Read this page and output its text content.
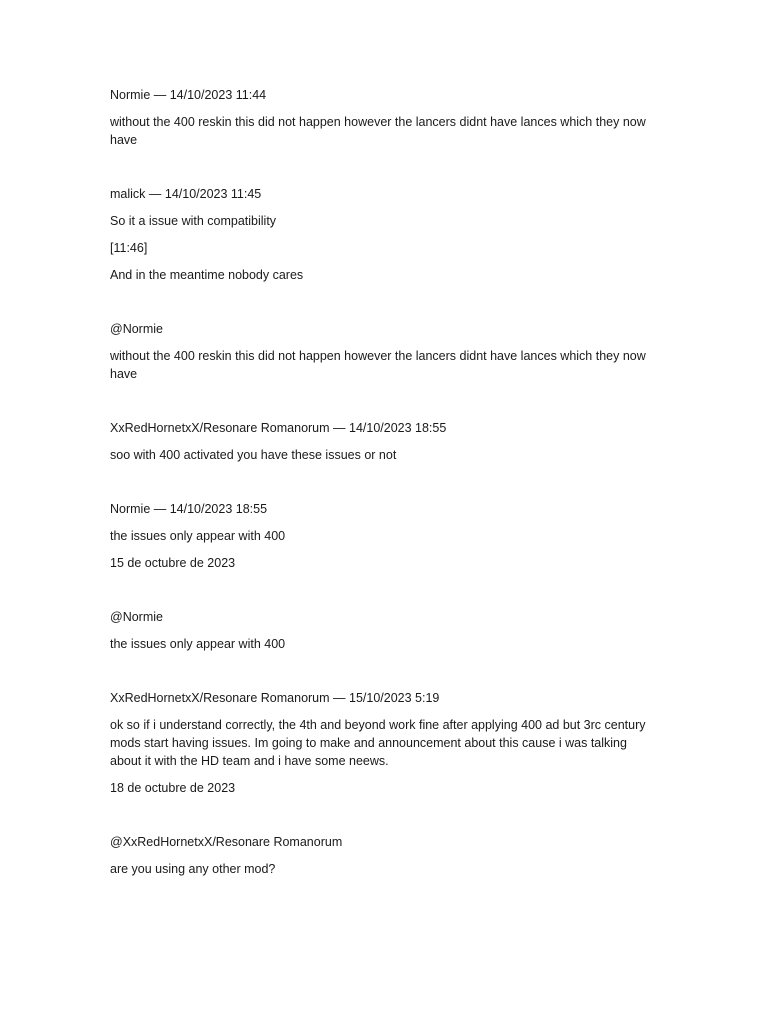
Normie — 14/10/2023 11:44

without the 400 reskin this did not happen however the lancers didnt have lances which they now have

malick — 14/10/2023 11:45

So it a issue with compatibility

[11:46]

And in the meantime nobody cares

@Normie

without the 400 reskin this did not happen however the lancers didnt have lances which they now have

XxRedHornetxX/Resonare Romanorum — 14/10/2023 18:55

soo with 400 activated you have these issues or not

Normie — 14/10/2023 18:55

the issues only appear with 400

15 de octubre de 2023

@Normie

the issues only appear with 400

XxRedHornetxX/Resonare Romanorum — 15/10/2023 5:19

ok so if i understand correctly, the 4th and beyond work fine after applying 400 ad but 3rc century mods start having issues. Im going to make and announcement about this cause i was talking about it with the HD team and i have some neews.

18 de octubre de 2023

@XxRedHornetxX/Resonare Romanorum

are you using any other mod?
